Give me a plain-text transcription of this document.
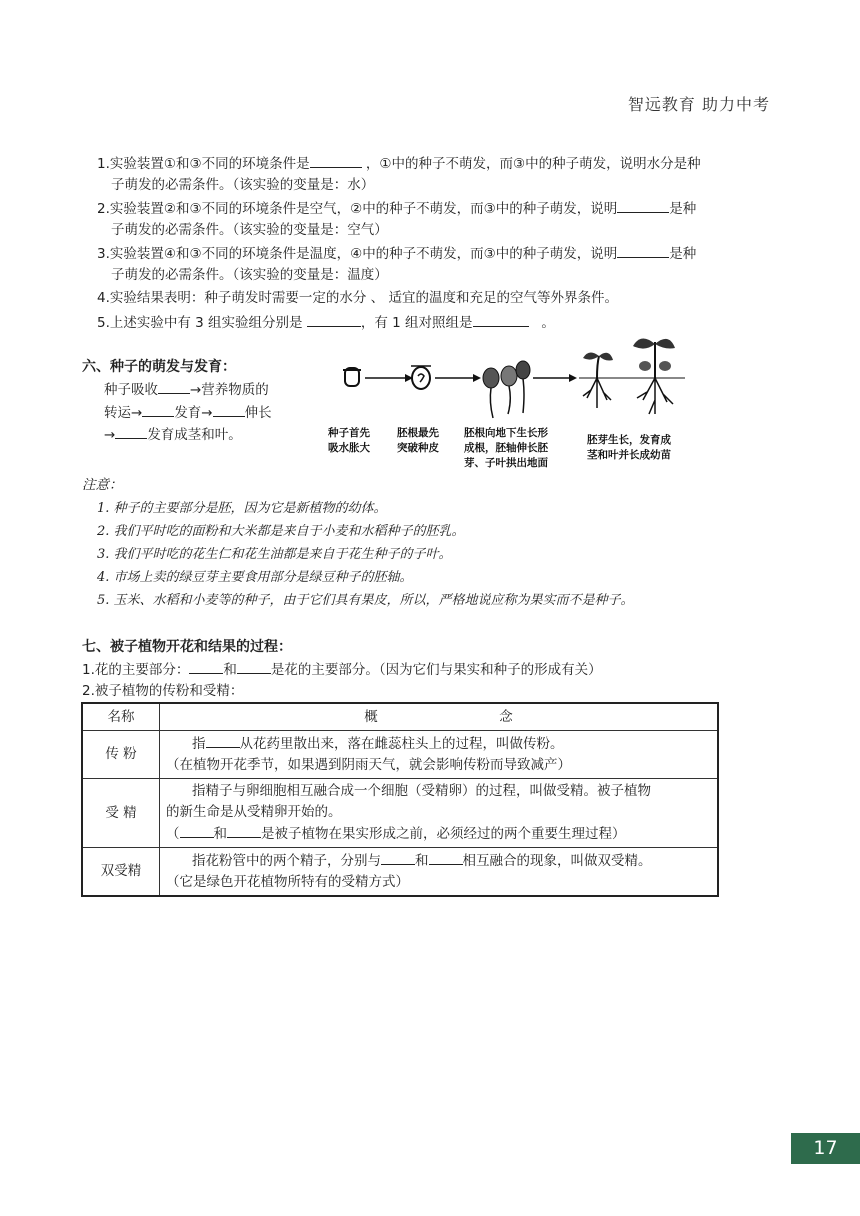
智远教育 助力中考
1.实验装置①和③不同的环境条件是	，①中的种子不萌发，而③中的种子萌发，说明水分是种
子萌发的必需条件。（该实验的变量是：水）
2.实验装置②和③不同的环境条件是空气，②中的种子不萌发，而③中的种子萌发，说明	是种
子萌发的必需条件。（该实验的变量是：空气）
3.实验装置④和③不同的环境条件是温度，④中的种子不萌发，而③中的种子萌发，说明	是种
子萌发的必需条件。（该实验的变量是：温度）
4.实验结果表明：种子萌发时需要一定的水分 、 适宜的温度和充足的空气等外界条件。
5.上述实验中有 3 组实验组分别是	，有 1 组对照组是	。
六、种子的萌发与发育：
种子吸收 →营养物质的
转运→ 发育→ 伸长
→ 发育成茎和叶。	种子首先
吸水胀大
胚根最先
突破种皮
胚根向地下生长形
成根，胚轴伸长胚
芽、子叶拱出地面
胚芽生长，发育成
茎和叶并长成幼苗
注意：
1. 种子的主要部分是胚，因为它是新植物的幼体。
2. 我们平时吃的面粉和大米都是来自于小麦和水稻种子的胚乳。
3. 我们平时吃的花生仁和花生油都是来自于花生种子的子叶。
4. 市场上卖的绿豆芽主要食用部分是绿豆种子的胚轴。
5. 玉米、水稻和小麦等的种子，由于它们具有果皮，所以，严格地说应称为果实而不是种子。
七、被子植物开花和结果的过程：
1.花的主要部分：	和	是花的主要部分。（因为它们与果实和种子的形成有关）
2.被子植物的传粉和受精：
名称	概　　　　　　　　　念
传 粉	指 从花药里散出来，落在雌蕊柱头上的过程，叫做传粉。
（在植物开花季节，如果遇到阴雨天气，就会影响传粉而导致减产）

受 精	指精子与卵细胞相互融合成一个细胞（受精卵）的过程，叫做受精。被子植物
的新生命是从受精卵开始的。
（ 和 是被子植物在果实形成之前，必须经过的两个重要生理过程）

双受精	指花粉管中的两个精子，分别与 和 相互融合的现象，叫做双受精。
（它是绿色开花植物所特有的受精方式）
17
